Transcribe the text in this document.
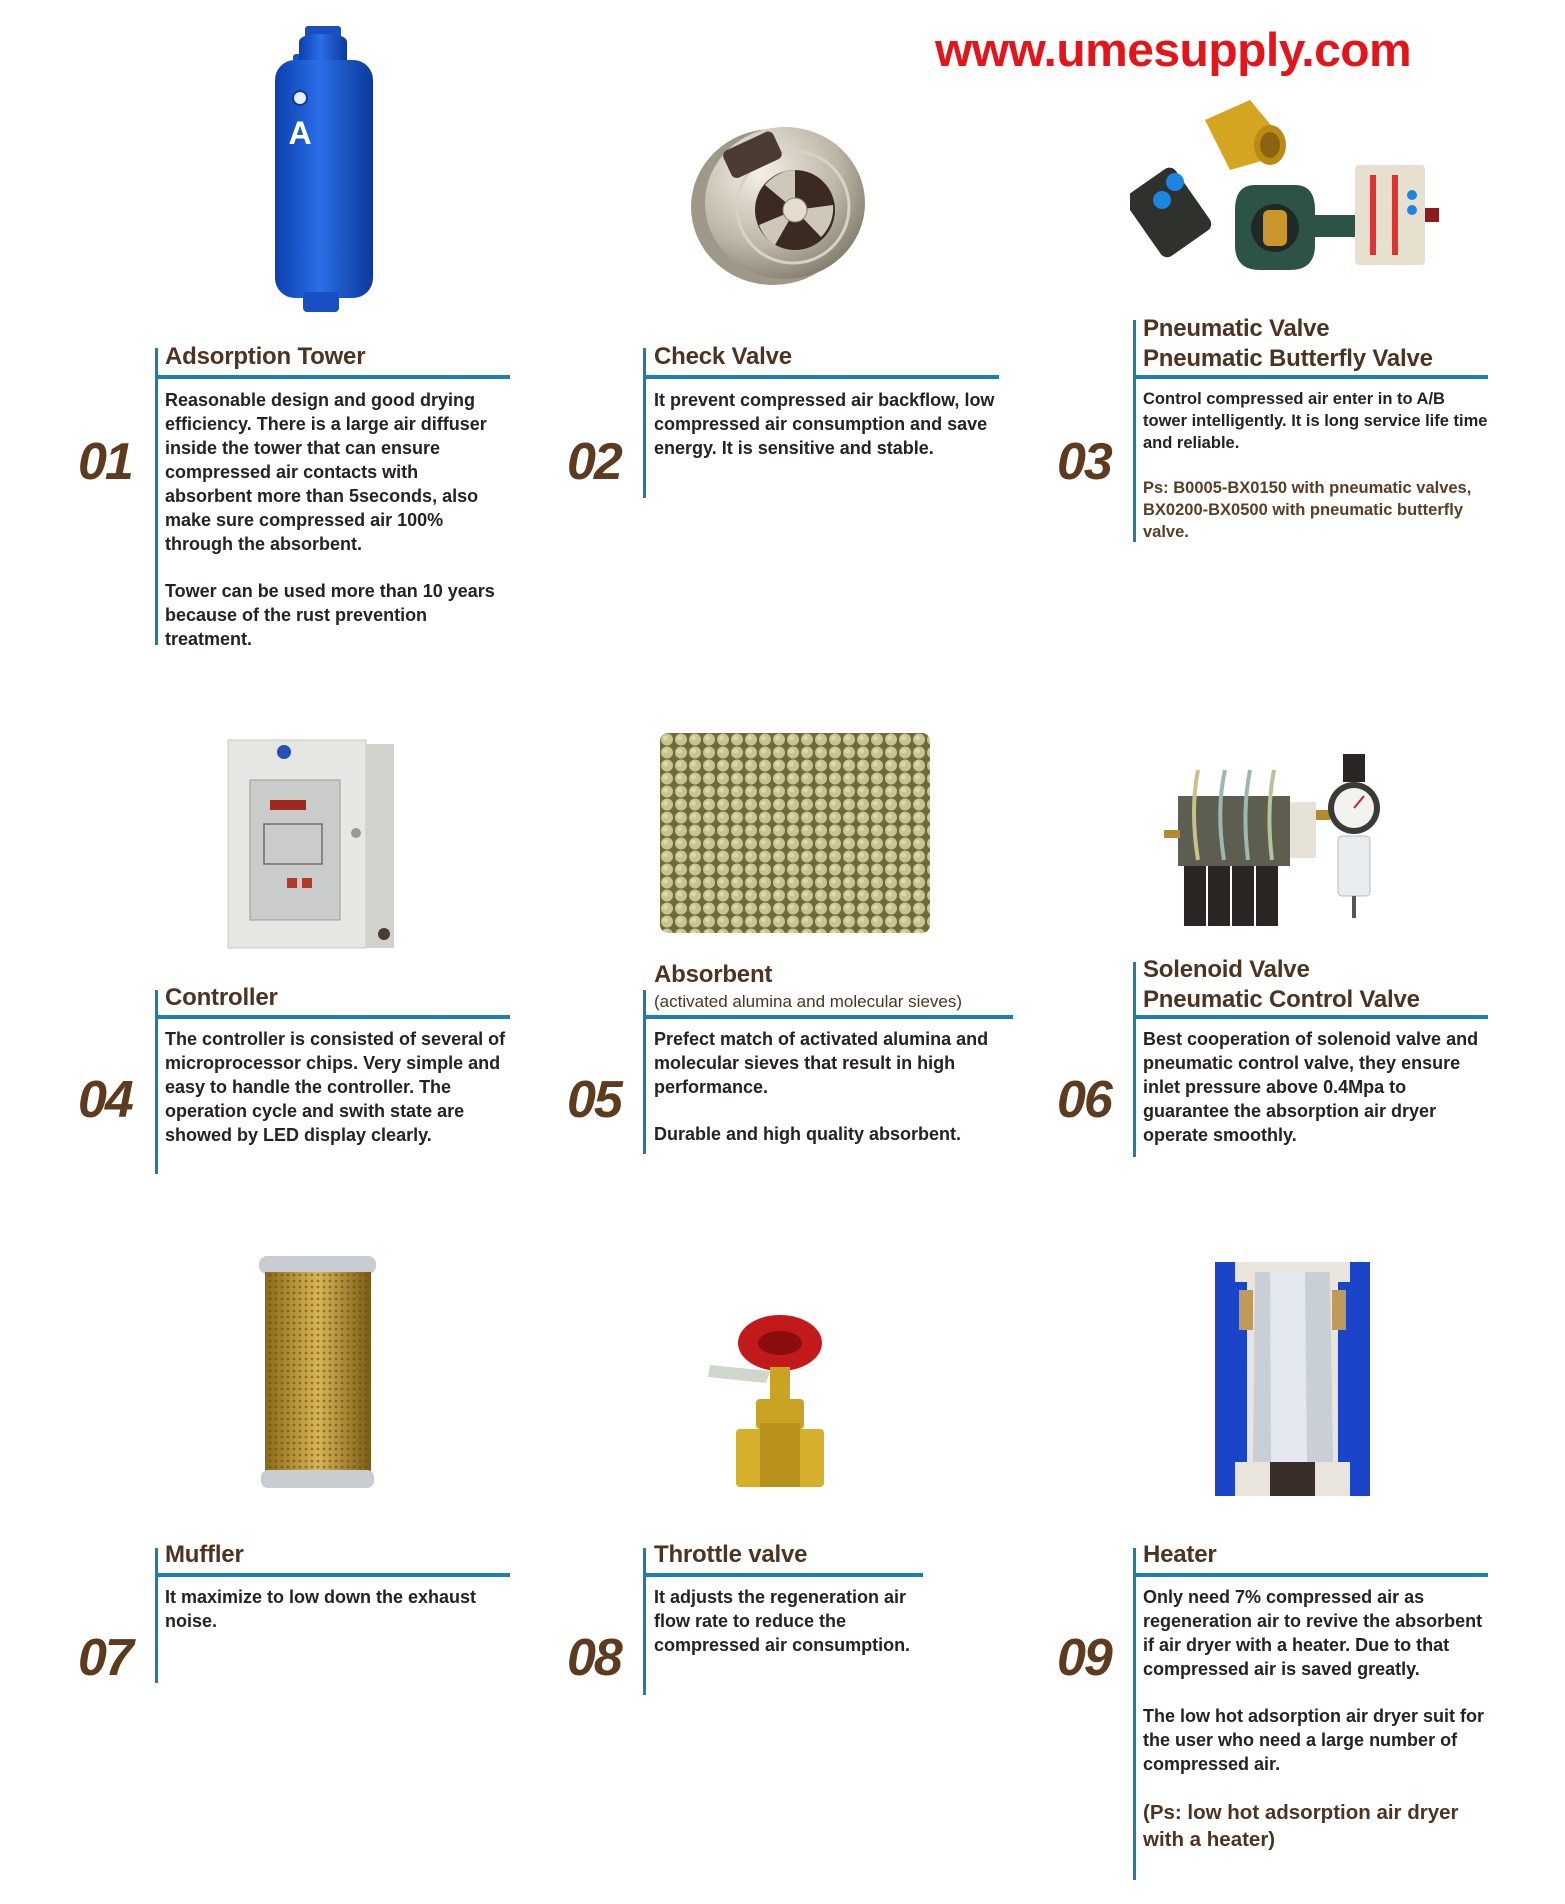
www.umesupply.com
A
01
Adsorption Tower

Reasonable design and good drying efficiency. There is a large air diffuser inside the tower that can ensure compressed air contacts with absorbent more than 5seconds, also make sure compressed air 100% through the absorbent.

Tower can be used more than 10 years because of the rust prevention treatment.

02
Check Valve

It prevent compressed air backflow, low compressed air consumption and save energy. It is sensitive and stable.	03
Pneumatic Valve
Pneumatic Butterfly Valve

Control compressed air enter in to A/B tower intelligently. It is long service life time and reliable.

Ps: B0005-BX0150 with pneumatic valves, BX0200-BX0500 with pneumatic butterfly valve.

04
Controller

The controller is consisted of several of microprocessor chips. Very simple and easy to handle the controller. The operation cycle and swith state are showed by LED display clearly.

05
Absorbent
(activated alumina and molecular sieves)

Prefect match of activated alumina and molecular sieves that result in high performance.

Durable and high quality absorbent.

06
Solenoid Valve
Pneumatic Control Valve

Best cooperation of solenoid valve and pneumatic control valve, they ensure inlet pressure above 0.4Mpa to guarantee the absorption air dryer operate smoothly.

07
Muffler

It maximize to low down the exhaust noise.

08
Throttle valve

It adjusts the regeneration air flow rate to reduce the compressed air consumption.	09
Heater

Only need 7% compressed air as regeneration air to revive the absorbent if air dryer with a heater. Due to that compressed air is saved greatly.

The low hot adsorption air dryer suit for the user who need a large number of compressed air.

(Ps: low hot adsorption air dryer with a heater)
